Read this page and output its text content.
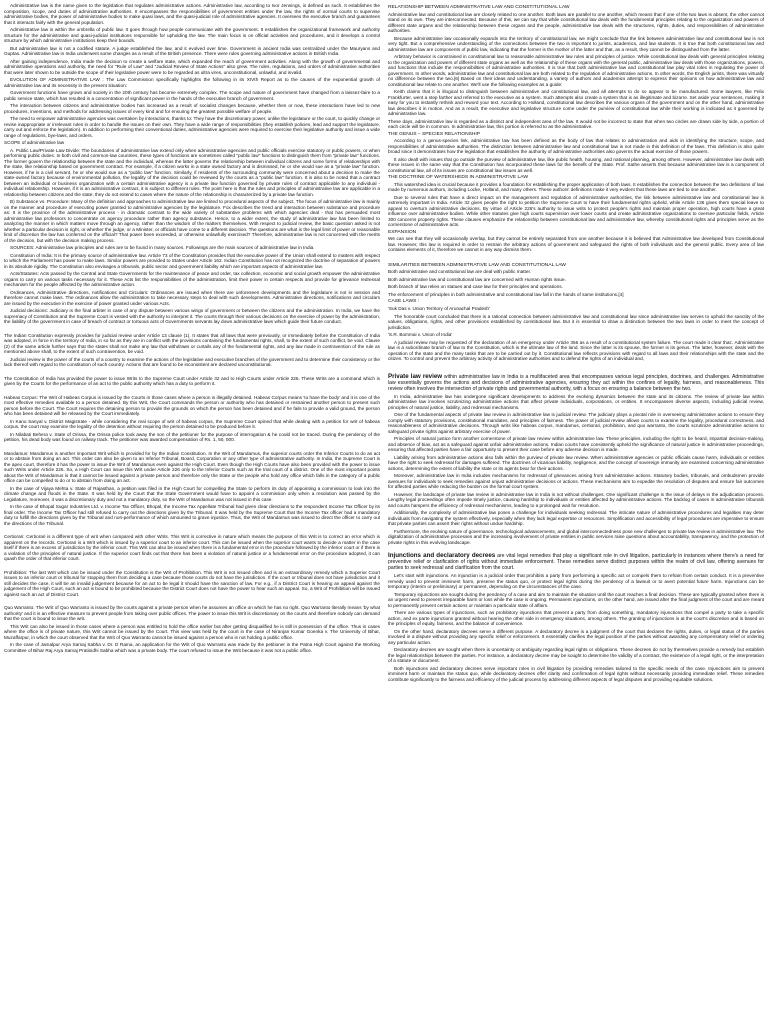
Administrative law is the name given to the legislation that regulates administrative actions. Administrative law, according to Ivor Jennings, is defined as such. It establishes the composition, scope, and duties of administrative authorities. It encompasses the responsibilities of government entities under the law, the rights of normal courts to supervise administrative bodies, the power of administrative bodies to make quasi laws, and the quasi-judicial role of administrative agencies. It oversees the executive branch and guarantees that it interacts fairly with the general population.

Administrative law is within the umbrella of public law. It goes through how people communicate with the government. It establishes the organizational framework and authority structure for the administrative and quasi-judicial institutions responsible for upholding the law. The main focus is on official activities and procedures, and it develops a control structure by which administrative institutions keep their bounds.

But administrative law is not a codified statute. A judge established the law, and it evolved over time. Government in ancient India was centralized under the Mauryans and Guptas. Administrative law in India underwent some changes as a result of the British presence. There were rules governing administrative actions in British India.

After gaining independence, India made the decision to create a welfare state, which expanded the reach of government activities. Along with the growth of governmental and administrative operations and authority, the need for "Rule of Law" and "Judicial Review of State Actions" also grew. The rules, regulations, and orders of administrative authorities that were later shown to be outside the scope of their legislative power were to be regarded as ultra vires, unconstitutional, unlawful, and invalid.

EVOLUTION OF ADMINISTRATIVE LAW : The Law Commission specifically highlights the following in its XIVth Report as to the causes of the exponential growth of administrative law and its necessity in the present situation:

Government functions have grown and society in the 20th century has become extremely complex. The scope and nature of government have changed from a laissez-faire to a public service state, which has resulted in a concentration of significant power in the hands of the executive branch of government.

The interaction between citizens and administrative bodies has increased as a result of socialist changes because, whether then or now, these interactions have led to new procedures, inventions, and methods for addressing issues of every kind and for ensuring the greatest possible welfare of people.

The need to empower administrative agencies was overtaken by interactions, thanks to: They have the discretionary power, unlike the legislature or the court, to quickly change or revise inappropriate or irrelevant rules in order to handle the issues on their own. They have a wide range of responsibilities (they establish policies, lead and support the legislature, carry out and enforce the legislation). In addition to performing their conventional duties, administrative agencies were required to exercise their legislative authority and issue a wide range of regulations, bye-laws, and orders.

SCOPE of administrative law

A. Public Law/Private Law Divide: The boundaries of administrative law extend only when administrative agencies and public officials exercise statutory or public powers, or when performing public duties. In both civil and common-law countries, these types of functions are sometimes called "public law" functions to distinguish them from "private law" functions. The former govern the relationship between the state and the individual, whereas the latter governs the relationship between individual citizens and some forms of relationships with the state, like relationship based on government contract. For example, if a citizen works in a state owned factory and is dismissed, he or she would sue as a "private law" function. However, if he is a civil servant, he or she would sue as a "public law" function. Similarly, if residents of the surrounding community were concerned about a decision to make the state-owned factory because of environmental pollution, the legality of the decision could be reviewed by the courts as a "public law" function. It is also to be noted that a contract between an individual or business organization with a certain administrative agency is a private law function governed by private rules of contract applicable to any individual - individual relationship. However, if it is an administrative contract, it is subject to different rules. The point here is that the rules and principles of administrative law are applicable in a relationship between citizens and the state; they do not extend to cases where the nature of the relationship is characterized by a private law function.

B) Substance vs. Procedure: Many of the definition and approaches to administrative law are limited to procedural aspects of the subject. The focus of administrative law is mainly on the manner and procedure of executing power granted to administrative agencies by the legislature. Fox describes the trend and interaction between substance and procedure as: It is the province of the administrative process - in dramatic contrast to the wide variety of substantive problems with which agencies deal - that has persuaded most administrative law professors to concentrate on agency procedure rather than agency substance. Hence, to a wider extent, the study of administrative law has been limited to analyzing the manner in which matters move through an agency, rather than the wisdom of the matters themselves. With respect to judicial review, the basic question asked is not whether a particular decision is right, or whether the judge, or a Minister, or officials have come to a different decision. The questions are what is the legal limit of power or reasonable limit of discretion the law has conferred on the official? That power been exceeded, or otherwise unlawfully exercised? Therefore, administrative law is not concerned with the merits of the decision, but with the decision making process.

SOURCES: Administrative law principles and rules are to be found in many sources. Followings are the main sources of administrative law in India.

Constitution of India: It is the primary source of administrative law. Article 73 of the Constitution provides that the executive power of the Union shall extend to matters with respect to which the Parliament has power to make laws. Similar powers are provided to States under Article 162. Indian Constitution has not recognized the doctrine of separation of powers in its absolute rigidity. The Constitution also envisages a tribunals, public sector and government liability which are important aspects of administrative law.

Acts/Statutes: Acts passed by the Central and State Governments for the maintenance of peace and order, tax collection, economic and social growth empower the administrative organs to carry on various tasks necessary for it. These Acts list the responsibilities of the administration, limit their power in certain respects and provide for grievance redressal mechanism for the people affected by the administrative action.

Ordinances, Administrative directions, notifications and Circulars: Ordinances are issued when there are unforeseen developments and the legislature is not in session and therefore cannot make laws. The ordinances allow the administration to take necessary steps to deal with such developments. Administrative directions, notifications and circulars are issued by the executive in the exercise of power granted under various Acts.

Judicial decisions: Judiciary is the final arbiter in case of any dispute between various wings of government or between the citizens and the administration. In India, we have the supremacy of Constitution and the Supreme Court is vested with the authority to interpret it. The courts through their various decisions on the exercise of power by the administration, the liability of the government in case of breach of contract or tortuous acts of Governments servants lay down administrative laws which guide their future conduct.

The Indian Constitution expressly provides for judicial review under Article 13 clause (1). It states that all laws that were previously, or immediately before the Constitution of India was adopted, in force in the territory of India, in so far as they are in conflict with the provisions containing the fundamental rights, shall, to the extent of such conflict, be void. Clause (2) of the same article further says that the states shall not make any law that withdraws or curtails any of the fundamental rights, and any law made in contravention of the rule as mentioned above shall, to the extent of such contravention, be void.

Judicial review is the power of the courts of a country to examine the actions of the legislative and executive branches of the government and to determine their consistency or the lack thereof with regard to the constitution of such country. Actions that are found to be inconsistent are declared unconstitutional.

The Constitution of India has provided the power to issue Writs to the Supreme Court under Article 32 and to High Courts under Article 226. These Writs are a command which is given by the Courts for the performance of an act to the public authority which has a duty to perform it.

Habeas Corpus: The Writ of Habeas Corpus is issued by the Courts in those cases where a person is illegally detained. Habeas Corpus means 'to have the body' and it is one of the most effective remedies available to a person detained. By this Writ, the Court commands the person or authority who has detained or restrained another person to present such person before the Court. The Court requires the detaining person to provide the grounds on which the person has been detained and if he fails to provide a valid ground, the person who has been detained will be released by the Court immediately.

In Kanu Sanyal v. District Magistrate - while considering the real scope of writ of habeas corpus, the Supreme Court opined that while dealing with a petition for writ of habeas corpus, the court may examine the legality of the detention without requiring the person detained to be produced before it.

In Nilabati Behera v. State of Orissa, the Orissa police took away the son of the petitioner for the purpose of interrogation & he could not be traced. During the pendency of the petition, his dead body was found on railway track. The petitioner was awarded compensation of Rs. 1, 50, 000.

Mandamus: Mandamus is another important Writ which is provided for by the Indian Constitution. In the Writ of Mandamus, the superior courts order the Inferior Courts to do an act or to abstain from doing an act. This order can also be given to an Inferior Tribunal, Board, Corporation or any other type of administrative authority. In India, the Supreme Court is the apex court, therefore it has the power to issue the Writ of Mandamus even against the High Court. Even though the High Courts have also been provided with the power to issue such Writs under Article 226. So, a High Court can issue this Writ under Article 226 only to the Inferior Courts such as the trial court of a district. One of the most important points about the Writ of Mandamus is that it cannot be issued against a private person and therefore only the State or the people who hold any office which falls in the category of a public office can be compelled to do or to abstain from doing an act.

In the case of Vijaya Mehta v. State of Rajasthan, a petition was filed in the High Court for compelling the State to perform its duty of appointing a commission to look into the climate change and floods in the State. It was held by the Court that the State Government would have to appoint a commission only when a resolution was passed by the Legislature, moreover, it was a discretionary duty and not a mandatory duty, so the Writ of Mandamus was not issued in this case.

In the case of Bhopal Sugar Industries Ltd. v. Income Tax Officer, Bhopal, the Income Tax Appellate Tribunal had given clear directions to the respondent Income Tax Officer by its final order. The Income Tax Officer had still refused to carry out the directions given by the Tribunal. It was held by the Supreme Court that the Income Tax officer had a mandatory duty to fulfill the directions given by the Tribunal and non-performance of which amounted to grave injustice. Thus, the Writ of Mandamus was issued to direct the officer to carry out the directions of the Tribunal.

Certiorari: Certiorari is a different type of writ when compared with other Writs. This Writ is corrective in nature which means the purpose of this Writ is to correct an error which is apparent on the records. Certiorari is a Writ which is issued by a superior court to an inferior court. This can be issued when the superior court wants to decide a matter in the case itself if there is an excess of jurisdiction by the inferior court. This Writ can also be issued when there is a fundamental error in the procedure followed by the inferior court or if there is a violation of the principles of natural justice. If the superior court finds out that there has been a violation of natural justice or a fundamental error on the procedure adopted, it can quash the order of that inferior court.

Prohibition: The last Writ which can be issued under the Constitution is the Writ of Prohibition. This Writ is not issued often and is an extraordinary remedy which a Superior Court issues to an inferior court or tribunal for stopping them from deciding a case because those courts do not have the jurisdiction. If the court or tribunal does not have jurisdiction and it still decides the case, it will be an invalid judgement because for an act to be legal it should have the sanction of law. For e.g., if a District Court is hearing an appeal against the judgement of the High Court, such an act is bound to be prohibited because the District Court does not have the power to hear such an appeal. So, a Writ of Prohibition will be issued against such an act of District Court.

Quo Warranto: The Writ of Quo Warranto is issued by the courts against a private person when he assumes an office on which he has no right. Quo Warranto literally means 'by what authority' and it is an effective measure to prevent people from taking over public offices. The power to issue this Writ is discretionary on the courts and therefore nobody can demand that the court is bound to issue the writ.

This Writ can also be issued in those cases where a person was entitled to hold the office earlier but after getting disqualified he is still in possession of the office. Thus in cases where the office is of private nature, this Writ cannot be issued by the Court. This view was held by the court in the case of Niranjan Kumar Goenka v. The University of Bihar, Muzaffarpur, in which the court observed that the Writ of Quo Warranto cannot be issued against a person who is not holding a public office.

In the case of Jamalpur Arya Samaj Sabha v. Dr. D Rama, an application for the Writ of Quo Warranto was made by the petitioner in the Patna High Court against the Working Committee of Bihar Raj Arya Samaj Pratinidhi Sabha which was a private body. The court refused to issue the Writ because it was not a public office.

RELATIONSHIP BETWEEN ADMINISTRATIVE LAW AND CONSTITUTIONAL LAW

Administrative law and constitutional law are closely related to one another. Both laws are parallel to one another, which means that if one of the two laws is absent, the other cannot stand on its own. They are interconnected. Because of this, we can say that while constitutional law deals with the fundamental principles relating to the organization and powers of different state organs and the relationship between these organs and the people, administrative law deals with the structures, rights, duties, and responsibilities of administrative authorities.

Because administrative law occasionally expands into the territory of constitutional law, we might conclude that the link between administrative law and constitutional law is not very tight. But a comprehensive understanding of the connections between the two is important to jurists, academics, and law students. It is true that both constitutional law and administrative law are components of public law, indicating that the former is the mother of the latter and that, as a result, they cannot be distinguished from the latter.

Arbitrary behavior is constrained in constitutional law to reasonable administrative law rules and principles of justice. While constitutional law deals with general principles relating to the organization and powers of different state organs as well as the relationship of these organs with the general public, administrative law deals with those organizations, powers, and functions that include the responsibilities of administrative authorities. It is true that both administrative law and constitutional law play vital roles in regulating the power of government. In other words, administrative law and constitutional law are both related to the regulation of administrative actions. In other words, the English jurists, there was virtually no difference between the two.[6] Based on their ideas and understanding, a variety of authors and academics attempt to express their opinions on how administrative law and constitutional law relate to one another. We'll use the following examples as a guide:

Keith claims that it is illogical to distinguish between administrative and constitutional law, and all attempts to do so appear to be manufactured. Some lawyers, like Felix Frankfurter, went a step farther and referred to the executive as a system. Such attempts also create a system that is as illegitimate and bizarre. Set aside your sentences, making it easy for you to instantly rethink and reword your text. According to Holland, constitutional law describes the various organs of the government and on the other hand, administrative law describes it in motion. And as a result, the executive and legislative structure come under the purview of constitutional law while their working is indicated as it governed by administrative law.

These days, administrative law is regarded as a distinct and independent area of the law. It would not be incorrect to state that when two circles are drawn side by side, a portion of each circle will be in common. In administrative law, this portion is referred to as the administrative.

THE GENUS – SPECIES RELATIONSHIP

According to a genus-species link, administrative law has been defined as the body of law that relates to administration and aids in identifying the structure, scope, and responsibilities of administrative authorities. The distinction between administrative law and constitutional law is not made in this definition of the laws. This definition is also quite broad since it demonstrates how the legislation that establishes the authority of administrative authorities also governs the actual exercise of those powers.

It also dealt with issues that go outside the purview of administrative law, like public health, housing, and national planning, among others. However, administrative law deals with these issues in the same way that the Constitution has incorporated these laws for the benefit of the State. Prof. Sathe asserts that because administrative law is a component of constitutional law, all of its issues are constitutional law issues as well.

THE DOCTRINE OF WATERSHEDS IN ADMINISTRATIVE LAW

This watershed idea is crucial because it provides a foundation for establishing the proper application of both laws. It establishes the connection between the two definitions of law made by numerous authors, including Locke, Holland, and many others. These authors' definitions make it very evident that these laws are tied to one another.

Due to several rules that have a direct impact on the management and regulation of administrative authorities, the link between administrative law and constitutional law is extremely important in India. Article 32 gives people the right to petition the Supreme Court to have their fundamental rights upheld, while Article 136 gives them special leave to appeal to overturn administrative decisions. By virtue of Article 226's authority to issue writs to protect people's rights and maintain proper operation, high courts have a great influence over administrative bodies. While other statutes give high courts supervision over lower courts and create administrative organizations to oversee particular fields, Article 300 concerns property rights. These clauses emphasize the relationship between constitutional law and administrative law, whereby constitutional rights and principles serve as the cornerstone of administrative acts.

EXPANSION

We can see that they will occasionally overlap, but they cannot be entirely separated from one another because it is believed that Administrative law developed from Constitutional law. However, this law is required in order to restrain the arbitrary actions of government and safeguard the rights of both individuals and the general public. Every area of law contains elements of it, therefore we cannot in any way dismiss them.

SIMILARITIES BETWEEN ADMINISTRATIVE LAW AND CONSTITUTIONAL LAW

Both administrative and constitutional law are deal with public matter.

Both administrative law and constitutional law are concerned with Human rights issue.

Both branch of law relies on statues and case law for their principles and operations.

The enforcement of principles in both administrative and constitutional law fall in the hands of same institutions.[4]

CASE LAWS :

'Suk Das v. Union Territory of Arunachal Pradesh'

The honorable court concluded that there is a rational connection between administrative law and constitutional law since administrative law serves to uphold the sanctity of the values, obligations, rights, and other provisions established by constitutional law. But it is essential to draw a distinction between the two laws in order to meet the concept of jurisdiction.

'S.R. Bommai v. Union of India'

A judicial review may be requested of the declaration of an emergency under Article 356 as a result of a constitutional system failure. The court made it clear that:. Administrative law is a subordinate branch of law to the Constitution, which is the ultimate law of the land. Since the latter is its spouse, the former is its genus. The latter, however, deals with the operation of the state and the many tasks that are to be carried out by it. Constitutional law reflects provisions with regard to all laws and their relationships with the state and the citizen. To control and prevent the arbitrary activity of administrative authorities and to defend the rights of an individual and,

Private law review within administrative law in India is a multifaceted area that encompasses various legal principles, doctrines, and challenges. Administrative law essentially governs the actions and decisions of administrative agencies, ensuring they act within the confines of legality, fairness, and reasonableness. This review often involves the intersection of private rights and governmental authority, with a focus on ensuring a balance between the two.

In India, administrative law has undergone significant developments to address the evolving dynamics between the state and its citizens. The review of private law within administrative law involves scrutinizing administrative actions that affect private individuals, corporations, or entities. It encompasses diverse aspects, including judicial review, principles of natural justice, liability, and redressal mechanisms.

One of the fundamental aspects of private law review in administrative law is judicial review. The judiciary plays a pivotal role in overseeing administrative actions to ensure they comply with statutory provisions, constitutional mandates, and principles of fairness. The power of judicial review allows courts to examine the legality, procedural correctness, and reasonableness of administrative decisions. Through writs like habeas corpus, mandamus, certiorari, prohibition, and quo warranto, the courts scrutinize administrative actions to safeguard private rights against arbitrary exercise of power.

Principles of natural justice form another cornerstone of private law review within administrative law. These principles, including the right to be heard, impartial decision-making, and absence of bias, act as a safeguard against unfair administrative actions. Indian courts have consistently upheld the significance of natural justice in administrative proceedings, ensuring that affected parties have a fair opportunity to present their case before any adverse decision is made.

Liability arising from administrative actions also falls within the purview of private law review. When administrative agencies or public officials cause harm, individuals or entities have the right to seek redressal for damages suffered. The doctrines of vicarious liability, negligence, and the concept of sovereign immunity are examined concerning administrative actions, determining the extent of liability the state or its agents bear for their actions.

Moreover, administrative law in India includes mechanisms for redressal of grievances arising from administrative actions. Statutory bodies, tribunals, and ombudsmen provide avenues for individuals to seek remedies against unjust administrative decisions or actions. These mechanisms aim to expedite the resolution of disputes and ensure fair outcomes for affected parties while reducing the burden on the formal court system.

However, the landscape of private law review in administrative law in India is not without challenges. One significant challenge is the issue of delays in the adjudication process. Lengthy legal proceedings often impede timely justice, causing hardship to individuals or entities affected by administrative actions. The backlog of cases in administrative tribunals and courts hampers the efficiency of redressal mechanisms, leading to a prolonged wait for resolution.

Additionally, the complexity of administrative law poses a challenge for individuals seeking redressal. The intricate nature of administrative procedures and legalities may deter individuals from navigating the system effectively, especially when they lack legal expertise or resources. Simplification and accessibility of legal procedures are imperative to ensure that private parties can assert their rights without undue hardship.

Furthermore, the evolving nature of governance, technological advancements, and global interconnectedness pose new challenges to private law review in administrative law. The digitalization of administrative processes and the increasing involvement of private entities in public services raise questions about accountability, transparency, and the protection of private rights in this evolving landscape.

Injunctions and declaratory decrees are vital legal remedies that play a significant role in civil litigation, particularly in instances where there's a need for preventive relief or clarification of rights without immediate enforcement. These remedies serve distinct purposes within the realm of civil law, offering avenues for parties to seek redressal and clarification from the court.

Let's start with injunctions. An injunction is a judicial order that prohibits a party from performing a specific act or compels them to refrain from certain conduct. It is a preventive remedy used to prevent imminent harm, preserve the status quo, or protect legal rights during the pendency of a lawsuit or to avert potential future harm. Injunctions can be temporary (interim or preliminary) or permanent, depending on the circumstances of the case.

Temporary injunctions are sought during the pendency of a case and aim to maintain the situation until the court reaches a final decision. These are typically granted when there is an urgent need to prevent irreparable harm or loss while the case is ongoing. Permanent injunctions, on the other hand, are issued after the final judgment of the court and are meant to permanently prevent certain actions or maintain a particular state of affairs.

There are various types of injunctions, such as prohibitory injunctions that prevent a party from doing something, mandatory injunctions that compel a party to take a specific action, and ex parte injunctions granted without hearing the other side in emergency situations, among others. The granting of injunctions is at the court's discretion and is based on the principles of equity, fairness, and the balance of convenience.

On the other hand, declaratory decrees serve a different purpose. A declaratory decree is a judgment of the court that declares the rights, duties, or legal status of the parties involved in a dispute without providing any specific relief or enforcement. It essentially clarifies the legal position of the parties without awarding any compensatory relief or ordering any particular action.

Declaratory decrees are sought when there is uncertainty or ambiguity regarding legal rights or obligations. These decrees do not by themselves provide a remedy but establish the legal relationships between the parties. For instance, a declaratory decree may be sought to determine the validity of a contract, the existence of a legal right, or the interpretation of a statute or document.

Both injunctions and declaratory decrees serve important roles in civil litigation by providing remedies tailored to the specific needs of the case. Injunctions aim to prevent imminent harm or maintain the status quo, while declaratory decrees offer clarity and confirmation of legal rights without necessarily providing immediate relief. These remedies contribute significantly to the fairness and efficiency of the judicial process by addressing different aspects of legal disputes and providing equitable solutions.
